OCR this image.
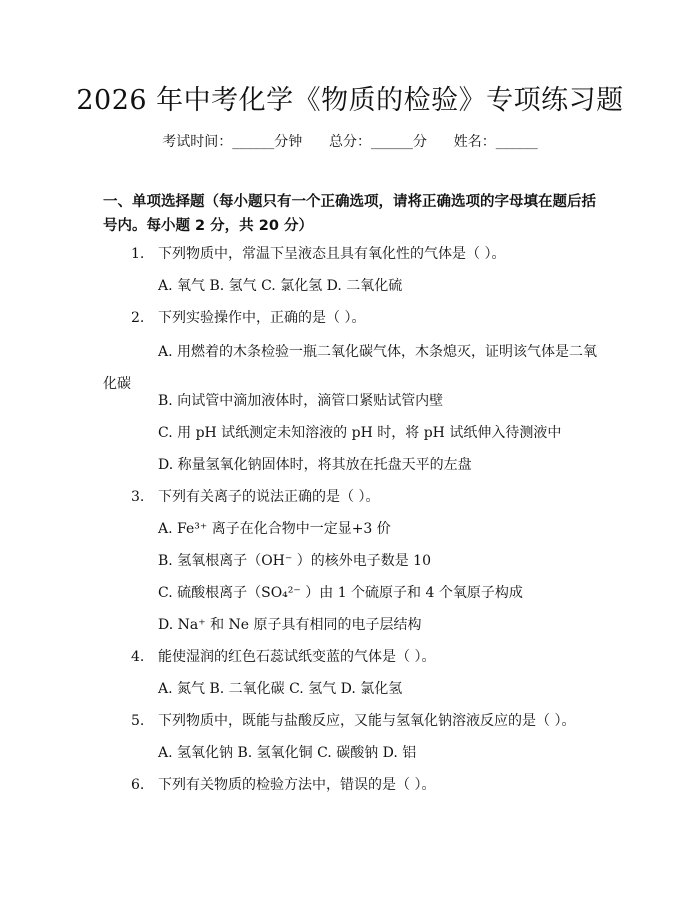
2026 年中考化学《物质的检验》专项练习题
考试时间：______分钟 总分：______分 姓名：______
一、单项选择题（每小题只有一个正确选项，请将正确选项的字母填在题后括号内。每小题 2 分，共 20 分）
1. 下列物质中，常温下呈液态且具有氧化性的气体是（ ）。
A. 氧气 B. 氢气 C. 氯化氢 D. 二氧化硫
2. 下列实验操作中，正确的是（ ）。
A. 用燃着的木条检验一瓶二氧化碳气体，木条熄灭，证明该气体是二氧化碳
B. 向试管中滴加液体时，滴管口紧贴试管内壁
C. 用 pH 试纸测定未知溶液的 pH 时，将 pH 试纸伸入待测液中
D. 称量氢氧化钠固体时，将其放在托盘天平的左盘
3. 下列有关离子的说法正确的是（ ）。
A. Fe³⁺ 离子在化合物中一定显+3 价
B. 氢氧根离子（OH⁻ ）的核外电子数是 10
C. 硫酸根离子（SO₄²⁻ ）由 1 个硫原子和 4 个氧原子构成
D. Na⁺ 和 Ne 原子具有相同的电子层结构
4. 能使湿润的红色石蕊试纸变蓝的气体是（ ）。
A. 氮气 B. 二氧化碳 C. 氢气 D. 氯化氢
5. 下列物质中，既能与盐酸反应，又能与氢氧化钠溶液反应的是（ ）。
A. 氢氧化钠 B. 氢氧化铜 C. 碳酸钠 D. 铝
6. 下列有关物质的检验方法中，错误的是（ ）。
